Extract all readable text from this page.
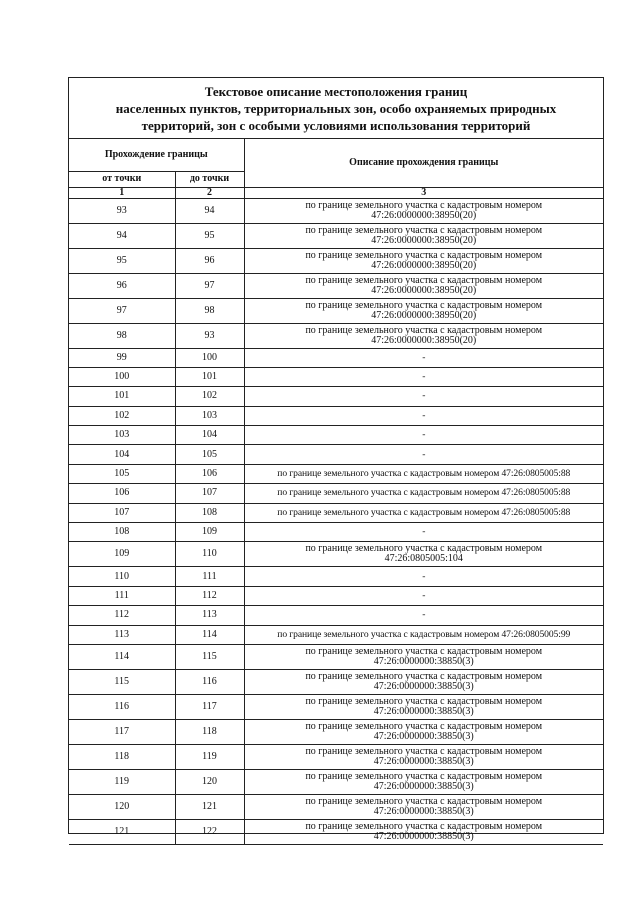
Текстовое описание местоположения границ
населенных пунктов, территориальных зон, особо охраняемых природных
территорий, зон с особыми условиями использования территорий
Прохождение границы		Описание прохождения границы
от точки	до точки	
1	2	3
93	94	по границе земельного участка с кадастровым номером
47:26:0000000:38950(20)

94	95	по границе земельного участка с кадастровым номером
47:26:0000000:38950(20)

95	96	по границе земельного участка с кадастровым номером
47:26:0000000:38950(20)

96	97	по границе земельного участка с кадастровым номером
47:26:0000000:38950(20)

97	98	по границе земельного участка с кадастровым номером
47:26:0000000:38950(20)

98	93	по границе земельного участка с кадастровым номером
47:26:0000000:38950(20)

99	100	-
100	101	-
101	102	-
102	103	-
103	104	-
104	105	-
105	106	по границе земельного участка с кадастровым номером 47:26:0805005:88
106	107	по границе земельного участка с кадастровым номером 47:26:0805005:88
107	108	по границе земельного участка с кадастровым номером 47:26:0805005:88
108	109	-
109	110	по границе земельного участка с кадастровым номером
47:26:0805005:104

110	111	-
111	112	-
112	113	-
113	114	по границе земельного участка с кадастровым номером 47:26:0805005:99
114	115	по границе земельного участка с кадастровым номером
47:26:0000000:38850(3)

115	116	по границе земельного участка с кадастровым номером
47:26:0000000:38850(3)

116	117	по границе земельного участка с кадастровым номером
47:26:0000000:38850(3)

117	118	по границе земельного участка с кадастровым номером
47:26:0000000:38850(3)

118	119	по границе земельного участка с кадастровым номером
47:26:0000000:38850(3)

119	120	по границе земельного участка с кадастровым номером
47:26:0000000:38850(3)

120	121	по границе земельного участка с кадастровым номером
47:26:0000000:38850(3)

121	122	по границе земельного участка с кадастровым номером
47:26:0000000:38850(3)
